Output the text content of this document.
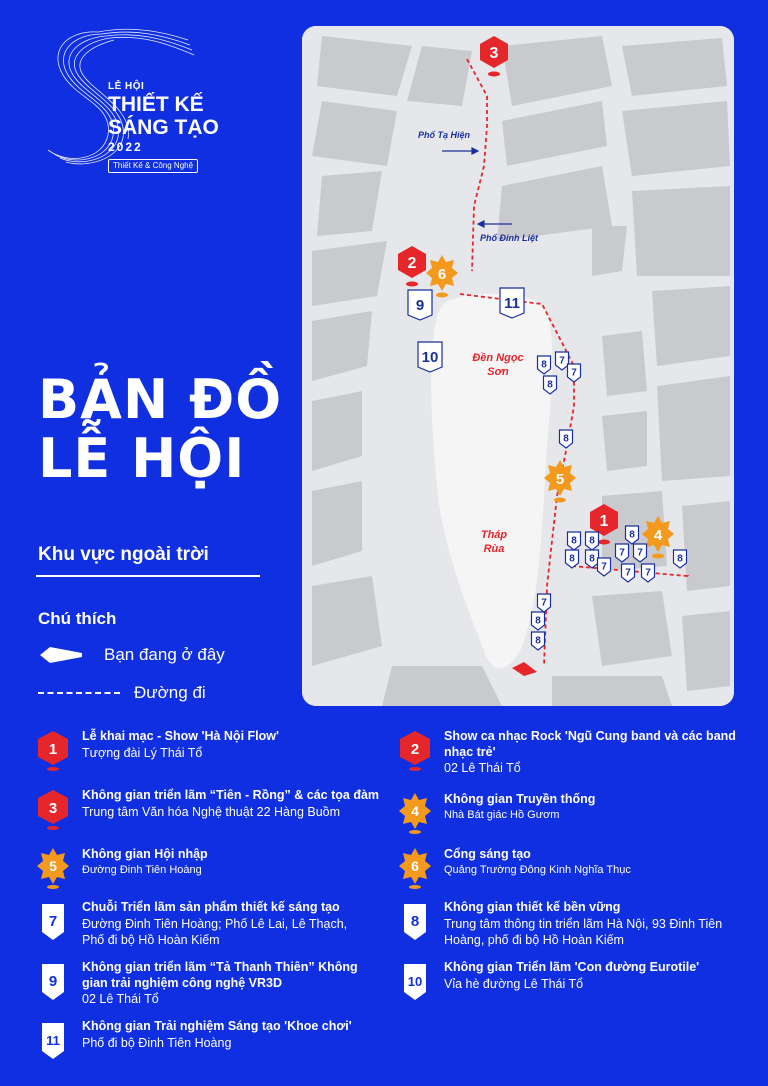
LỄ HỘI
THIẾT KẾ
SÁNG TẠO
2022
Thiết Kế & Công Nghệ
BẢN ĐỒ
LỄ HỘI
Khu vực ngoài trời
Chú thích
Bạn đang ở đây
Đường đi
Phố Tạ Hiện
Phố Đinh Liệt
Đền Ngọc
Sơn
Tháp
Rùa
3
2
6
9	11
10	8 7
7
8
8
5
1
8 8
8 4
8 8
7 7
8
7
7 7
7
8
8
1
Lễ khai mạc - Show 'Hà Nội Flow'
Tượng đài Lý Thái Tổ	2
Show ca nhạc Rock 'Ngũ Cung band và các band nhạc trẻ'
02 Lê Thái Tổ
3
Không gian triển lãm “Tiên - Rồng” & các tọa đàm
Trung tâm Văn hóa Nghệ thuật 22 Hàng Buồm	4
Không gian Truyền thống
Nhà Bát giác Hồ Gươm
5
Không gian Hội nhập
Đường Đinh Tiên Hoàng	6
Cổng sáng tạo
Quảng Trường Đông Kinh Nghĩa Thục
7
Chuỗi Triển lãm sản phẩm thiết kế sáng tạo
Đường Đinh Tiên Hoàng; Phố Lê Lai, Lê Thạch, Phố đi bộ Hồ Hoàn Kiếm
8
Không gian thiết kế bền vững
Trung tâm thông tin triển lãm Hà Nội, 93 Đinh Tiên Hoàng, phố đi bộ Hồ Hoàn Kiếm
9
Không gian triển lãm “Tả Thanh Thiên” Không gian trải nghiệm công nghệ VR3D
02 Lê Thái Tổ
10
Không gian Triển lãm 'Con đường Eurotile'
Vỉa hè đường Lê Thái Tổ
11
Không gian Trải nghiệm Sáng tạo 'Khoe chơi'
Phố đi bộ Đinh Tiên Hoàng
